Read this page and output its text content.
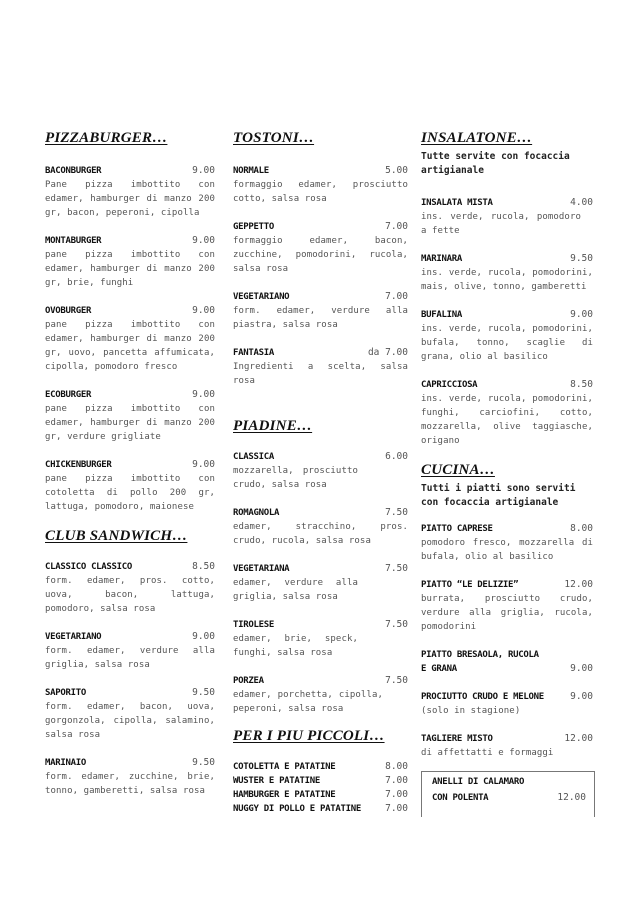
PIZZABURGER…
BACONBURGER	9.00
Pane pizza imbottito con edamer, hamburger di manzo 200 gr, bacon, peperoni, cipolla
MONTABURGER	9.00
pane pizza imbottito con edamer, hamburger di manzo 200 gr, brie, funghi
OVOBURGER	9.00
pane pizza imbottito con edamer, hamburger di manzo 200 gr, uovo, pancetta affumicata, cipolla, pomodoro fresco
ECOBURGER	9.00
pane pizza imbottito con edamer, hamburger di manzo 200 gr, verdure grigliate
CHICKENBURGER	9.00
pane pizza imbottito con cotoletta di pollo 200 gr, lattuga, pomodoro, maionese
CLUB SANDWICH…
CLASSICO CLASSICO	8.50
form. edamer, pros. cotto, uova, bacon, lattuga, pomodoro, salsa rosa
VEGETARIANO	9.00
form. edamer, verdure alla griglia, salsa rosa
SAPORITO	9.50
form. edamer, bacon, uova, gorgonzola, cipolla, salamino, salsa rosa
MARINAIO	9.50
form. edamer, zucchine, brie, tonno, gamberetti, salsa rosa
TOSTONI…
NORMALE	5.00
formaggio edamer, prosciutto cotto, salsa rosa
GEPPETTO	7.00
formaggio edamer, bacon, zucchine, pomodorini, rucola, salsa rosa
VEGETARIANO	7.00
form. edamer, verdure alla piastra, salsa rosa
FANTASIA	da 7.00
Ingredienti a scelta, salsa rosa
PIADINE…
CLASSICA	6.00
mozzarella, prosciutto crudo, salsa rosa
ROMAGNOLA	7.50
edamer, stracchino, pros. crudo, rucola, salsa rosa
VEGETARIANA	7.50
edamer, verdure alla griglia, salsa rosa
TIROLESE	7.50
edamer, brie, speck, funghi, salsa rosa
PORZEA	7.50
edamer, porchetta, cipolla, peperoni, salsa rosa
PER I PIU PICCOLI…
COTOLETTA E PATATINE	8.00
WUSTER E PATATINE	7.00
HAMBURGER E PATATINE	7.00
NUGGY DI POLLO E PATATINE	7.00
INSALATONE…
Tutte servite con focaccia artigianale
INSALATA MISTA	4.00
ins. verde, rucola, pomodoro a fette
MARINARA	9.50
ins. verde, rucola, pomodorini, mais, olive, tonno, gamberetti
BUFALINA	9.00
ins. verde, rucola, pomodorini, bufala, tonno, scaglie di grana, olio al basilico
CAPRICCIOSA	8.50
ins. verde, rucola, pomodorini, funghi, carciofini, cotto, mozzarella, olive taggiasche, origano
CUCINA…
Tutti i piatti sono serviti con focaccia artigianale
PIATTO CAPRESE	8.00
pomodoro fresco, mozzarella di bufala, olio al basilico
PIATTO “LE DELIZIE”	12.00
burrata, prosciutto crudo, verdure alla griglia, rucola, pomodorini
PIATTO BRESAOLA, RUCOLA
E GRANA	9.00
PROCIUTTO CRUDO E MELONE	9.00
(solo in stagione)
TAGLIERE MISTO	12.00
di affettatti e formaggi
ANELLI DI CALAMARO
CON POLENTA	12.00
